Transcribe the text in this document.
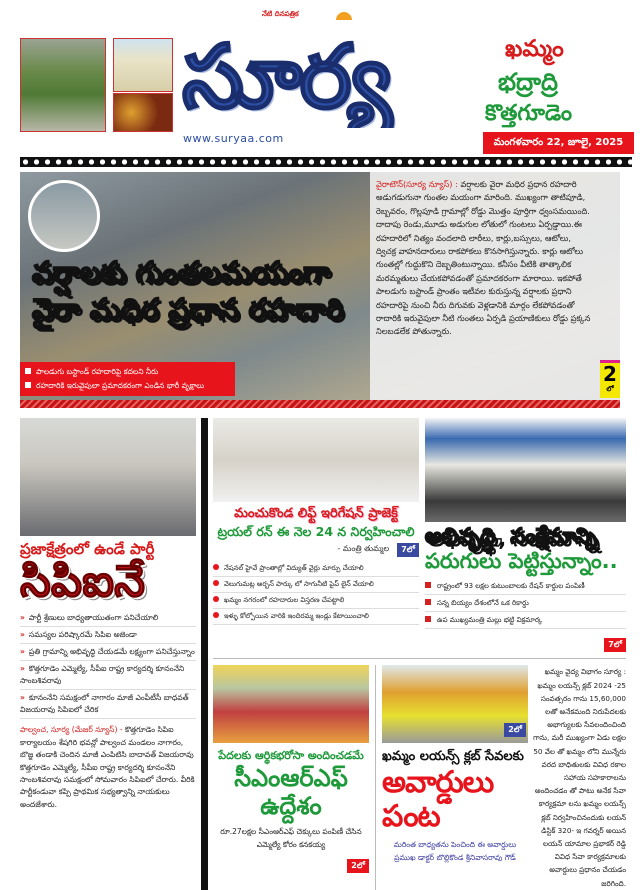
సూర్య
నేటి దినపత్రిక
www.suryaa.com
ఖమ్మం
భద్రాద్రి
కొత్తగూడెం
మంగళవారం 22, జూలై, 2025
వర్షాలకు గుంతలమయంగా
వైరా మధిర ప్రధాన రహదారి
వైరాటౌన్(సూర్య న్యూస్) : వర్షాలకు వైరా మధిర ప్రధాన రహదారి అడుగడుగునా గుంతల మయంగా మారింది. ముఖ్యంగా తాటిపూడి, రెబ్బవరం, గొల్లపూడి గ్రామాల్లో రోడ్డు మొత్తం పూర్తిగా ధ్వంసమయింది. దాదాపు రెండు,మూడు అడుగుల లోతులో గుంటలు ఏర్పడ్డాయి.ఈ రహదారిలో నిత్యం వందలాది లారీలు, కార్లు,బస్సులు, ఆటోలు, ద్విచక్ర వాహనదారులు రాకపోకలు కొనసాగిస్తున్నారు. కార్లు ఆటోలు గుంతల్లో గుద్దుకొని దెబ్బతింటున్నాయి. కనీసం వీటికి తాత్కాలిక మరమ్మతులు చేయకపోవడంతో ప్రమాదకరంగా మారాయి. ఇకపోతే పాలడుగు బస్టాండ్ ప్రాంతం ఇటీవల కురుస్తున్న వర్షాలకు ప్రధాని రహదారిపై నుంచి నీరు దిగువకు వెళ్లడానికి మార్గం లేకపోవడంతో రాదారికి ఇరువైపులా నీటి గుంతలు ఏర్పడి ప్రయాణికులు రోడ్డు ప్రక్కన నిలబడలేక పోతున్నారు.
పాలడుగు బస్టాండ్ రహదారిపై కదలని నీరు
రహదారికి ఇరువైపులా ప్రమాదకరంగా ఎండిన భారీ వృక్షాలు	2
లో
ప్రజాక్షేత్రంలో ఉండే పార్టీ
సిపిఐనే
» పార్టీ శ్రేణులు బాధ్యతాయుతంగా పనిచేయాలి
» సమస్యల పరిష్కారమే సిపిఐ అజెండా
» ప్రతి గ్రామాన్ని అభివృద్ధి చేయడమే లక్ష్యంగా పనిచేస్తున్నాం
» కొత్తగూడెం ఎమ్మెల్యే, సీపీఐ రాష్ట్ర కార్యదర్శి కూనంనేని సాంబశివరావు
» కూనంనేని సమక్షంలో నాగారం మాజీ ఎంపీటీసీ బాధవత్ విజయరావు సిపిఐలో చేరిక
పాల్వంచ, సూర్య (మేజర్ న్యూస్) - కొత్తగూడెం సిపిఐ కార్యాలయం శేషగిరి భవన్లో పాల్వంచ మండలం నాగారం, బొజ్జ తండాకి చెందిన మాజీ ఎంపిటిసి బాదావత్ విజయరావు కొత్తగూడెం ఎమ్మెల్యే, సీపీఐ రాష్ట్ర కార్యదర్శి కూనంనేని సాంబశివరావు సమక్షంలో సోమవారం సిపిఐలో చేరారు. వీరికి పార్టీకండువా కప్పి ప్రాథమిక సభ్యత్వాన్ని నాయకులు అందజేశారు.
మంచుకొండ లిఫ్ట్ ఇరిగేషన్ ప్రాజెక్ట్
ట్రయల్ రన్ ఈ నెల 24 న నిర్వహించాలి
- మంత్రి తుమ్మల	7లో
నేషనల్ హైవే ప్రాంతాల్లో విద్యుత్ వైర్లు మార్పు చేయాలి
వెలుగుమట్ల అర్బన్ పార్కు లో సాగునీటి పైప్ లైన్ వేయాలి
ఖమ్మం నగరంలో రహదారుల విస్తరణ చేపట్టాలి
ఇళ్ళు కోల్పోయిన వారికి ఇందిరమ్మ ఇండ్లు కేటాయించాలి
అభివృద్ధి, సంక్షేమాన్ని
పరుగులు పెట్టిస్తున్నాం..
రాష్ట్రంలో 93 లక్షల కుటుంబాలకు రేషన్ కార్డుల పంపిణీ
సన్న బియ్యం దేశంలోనే ఒక రికార్డు
ఉప ముఖ్యమంత్రి మల్లు భట్టి విక్రమార్క
7లో
పేదలకు ఆర్థికభరోసా అందించడమే
సీఎంఆర్ఎఫ్ ఉద్దేశం
రూ.27లక్షల సీఎంఆర్ఎఫ్ చెక్కులు పంపిణీ చేసిన ఎమ్మెల్యే కోరం కనకయ్య
2లో
2లో
ఖమ్మం లయన్స్ క్లబ్ సేవలకు
అవార్డులు పంట
మరింత బాధ్యతను పెంచింది ఈ అవార్డులు ప్రముఖ డాక్టర్ బొల్లికొండ శ్రీనివాసరావు గౌడ్
ఖమ్మం వైద్య విభాగం సూర్య : ఖమ్మం లయన్స్ క్లబ్ 2024 -25 సంవత్సరం గాను 15,60,000 లతో అనేకమంది నిరుపేదలకు అభాగ్యులకు సేవలందించింది గాను, మరీ ముఖ్యంగా ఏడు లక్షల 50 వేల తో ఖమ్మం లోని మున్నేరు వరద బాధితులకు వివిధ రకాల సహాయ సహకారాలను అందించడం తో పాటు అనేక సేవా కార్యక్రమా లను ఖమ్మం లయన్స్ క్లబ్ నిర్వహించినందుకు లయన్ డిస్టిక్ 320- ఇ గవర్నర్ అయిన లయన్ యామాల ప్రభాకర్ రెడ్డి వివిధ సేవా కార్యక్రమాలకు అవార్డులు ప్రధానం చేయడం జరిగింది.
